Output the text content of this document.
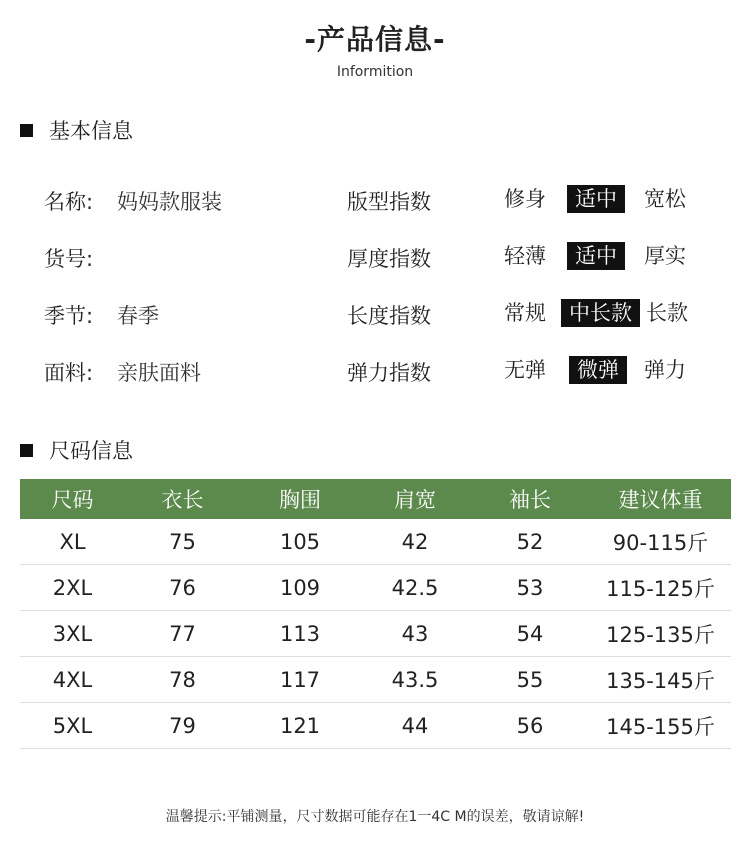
-产品信息-
Informition
基本信息
名称: 妈妈款服装	版型指数	修身	适中	宽松
货号:	厚度指数	轻薄	适中	厚实
季节: 春季	长度指数	常规	中长款 长款
面料: 亲肤面料	弹力指数	无弹	微弹	弹力
尺码信息
尺码	衣长	胸围	肩宽	袖长	建议体重
XL	75	105	42	52	90-115斤
2XL	76	109	42.5	53	115-125斤
3XL	77	113	43	54	125-135斤
4XL	78	117	43.5	55	135-145斤
5XL	79	121	44	56	145-155斤
温馨提示:平铺测量，尺寸数据可能存在1一4C M的误差，敬请谅解!
